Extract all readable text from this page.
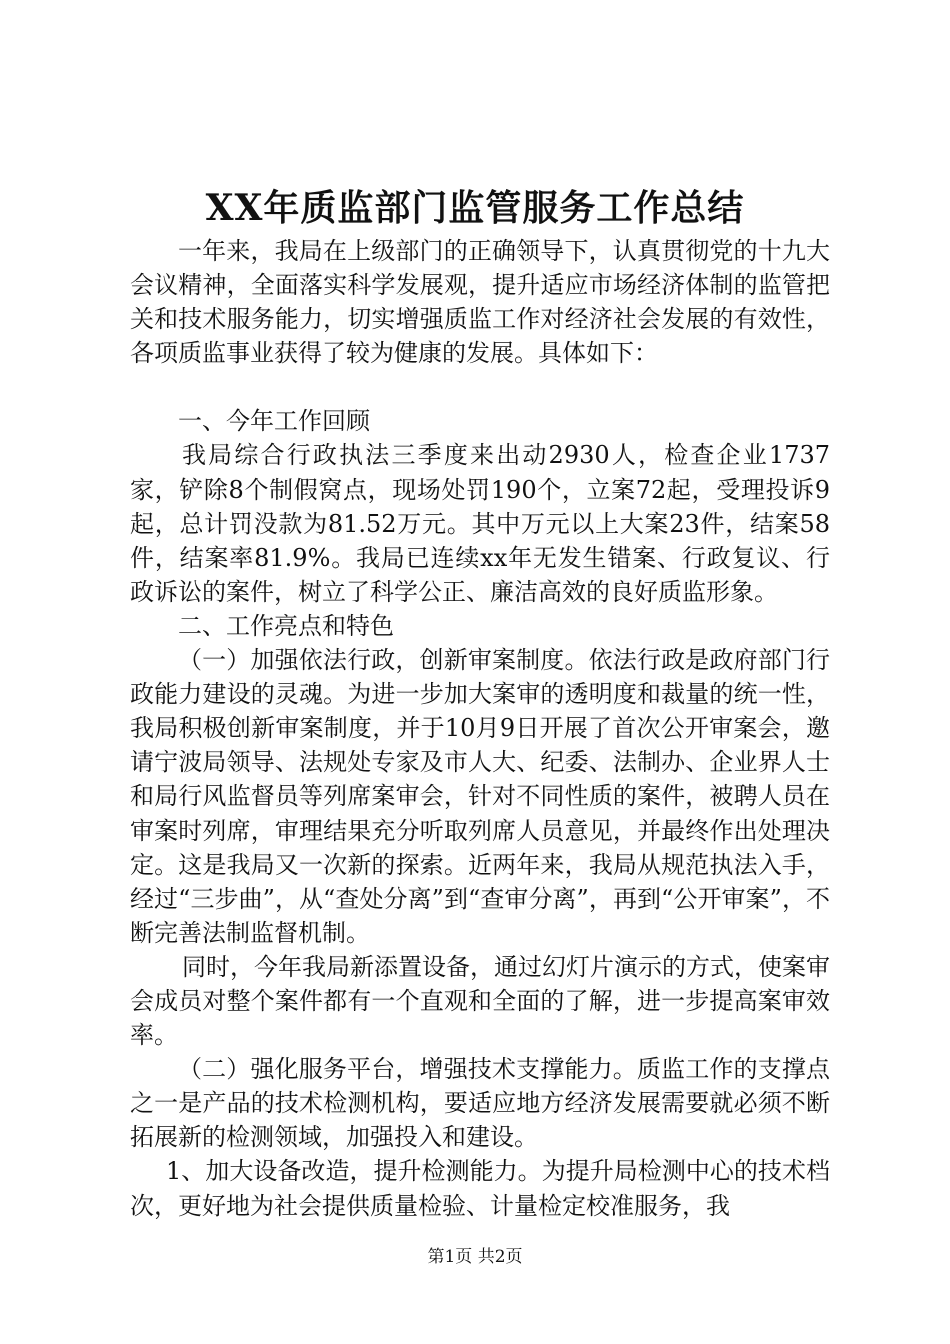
XX年质监部门监管服务工作总结

一年来，我局在上级部门的正确领导下，认真贯彻党的十九大会议精神，全面落实科学发展观，提升适应市场经济体制的监管把关和技术服务能力，切实增强质监工作对经济社会发展的有效性，各项质监事业获得了较为健康的发展。具体如下：

一、今年工作回顾

我局综合行政执法三季度来出动2930人，检查企业1737家，铲除8个制假窝点，现场处罚190个，立案72起，受理投诉9起，总计罚没款为81.52万元。其中万元以上大案23件，结案58件，结案率81.9%。我局已连续xx年无发生错案、行政复议、行政诉讼的案件，树立了科学公正、廉洁高效的良好质监形象。

二、工作亮点和特色

（一）加强依法行政，创新审案制度。依法行政是政府部门行政能力建设的灵魂。为进一步加大案审的透明度和裁量的统一性，我局积极创新审案制度，并于10月9日开展了首次公开审案会，邀请宁波局领导、法规处专家及市人大、纪委、法制办、企业界人士和局行风监督员等列席案审会，针对不同性质的案件，被聘人员在审案时列席，审理结果充分听取列席人员意见，并最终作出处理决定。这是我局又一次新的探索。近两年来，我局从规范执法入手，经过“三步曲”，从“查处分离”到“查审分离”，再到“公开审案”，不断完善法制监督机制。

同时，今年我局新添置设备，通过幻灯片演示的方式，使案审会成员对整个案件都有一个直观和全面的了解，进一步提高案审效率。

（二）强化服务平台，增强技术支撑能力。质监工作的支撑点之一是产品的技术检测机构，要适应地方经济发展需要就必须不断拓展新的检测领域，加强投入和建设。

1、加大设备改造，提升检测能力。为提升局检测中心的技术档次，更好地为社会提供质量检验、计量检定校准服务，我

第1页 共2页
